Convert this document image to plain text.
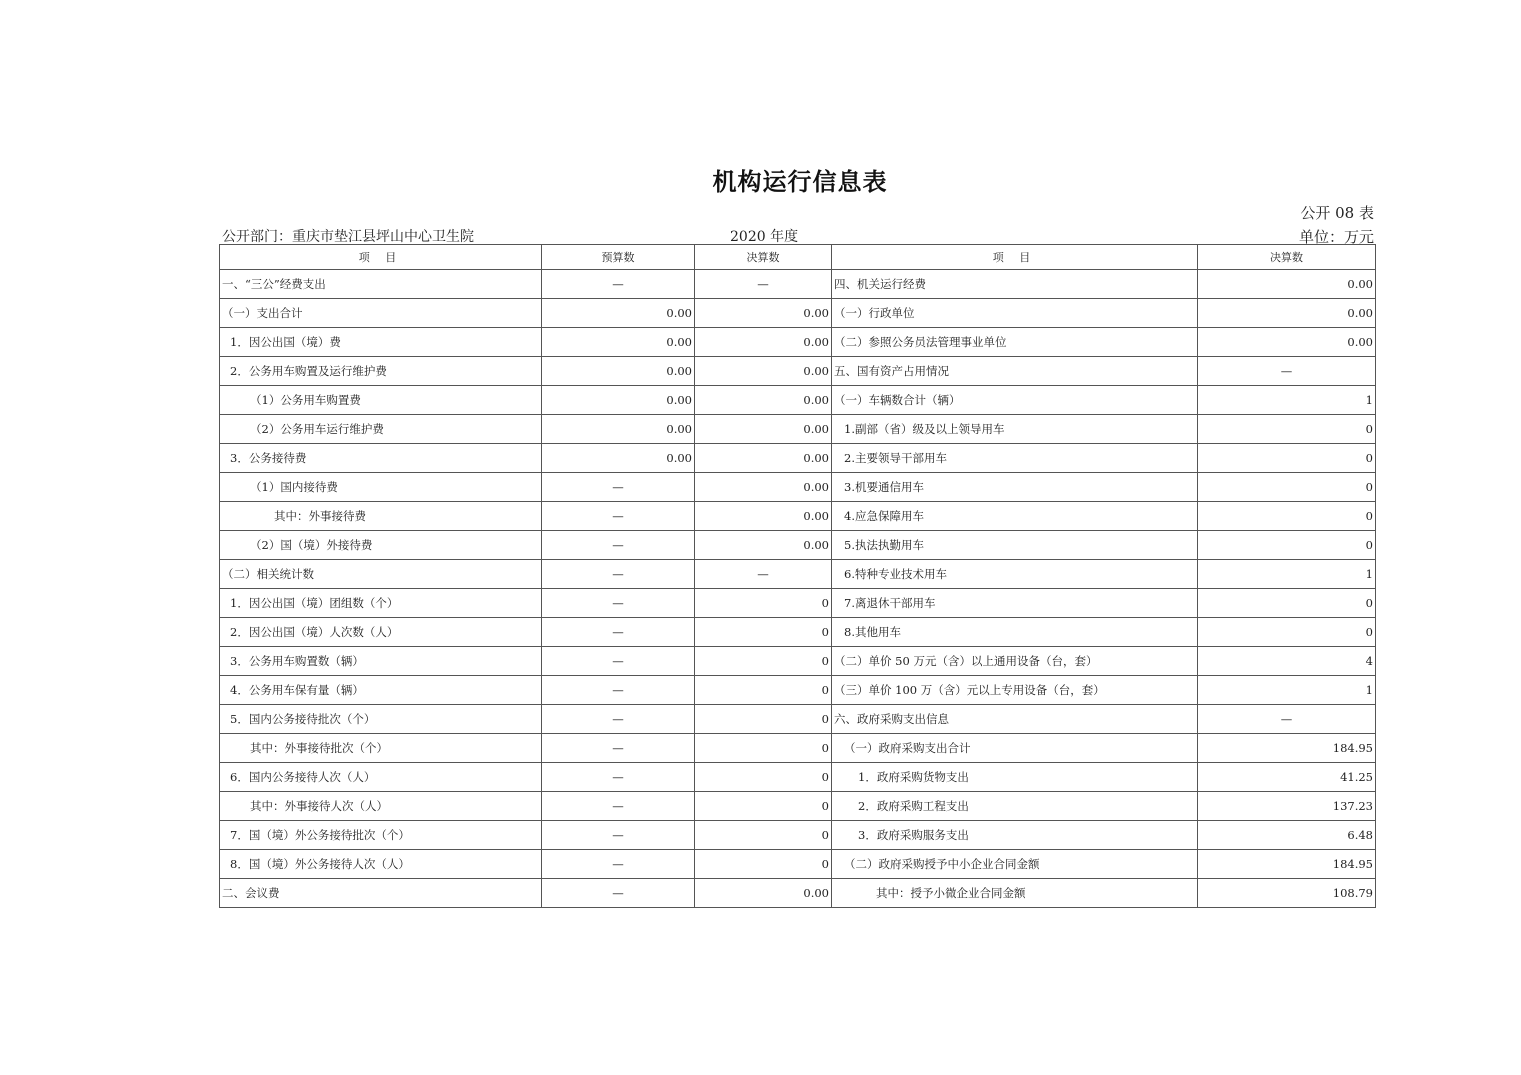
机构运行信息表
公开 08 表
公开部门：重庆市垫江县坪山中心卫生院	2020 年度	单位：万元
项 目	预算数	决算数	项 目	决算数
一、“三公”经费支出	—	—	四、机关运行经费	0.00
（一）支出合计	0.00	0.00	（一）行政单位	0.00
1．因公出国（境）费	0.00	0.00	（二）参照公务员法管理事业单位	0.00
2．公务用车购置及运行维护费	0.00	0.00	五、国有资产占用情况	—
（1）公务用车购置费	0.00	0.00	（一）车辆数合计（辆）	1
（2）公务用车运行维护费	0.00	0.00	1.副部（省）级及以上领导用车	0
3．公务接待费	0.00	0.00	2.主要领导干部用车	0
（1）国内接待费	—	0.00	3.机要通信用车	0
其中：外事接待费	—	0.00	4.应急保障用车	0
（2）国（境）外接待费	—	0.00	5.执法执勤用车	0
（二）相关统计数	—	—	6.特种专业技术用车	1
1．因公出国（境）团组数（个）	—	0	7.离退休干部用车	0
2．因公出国（境）人次数（人）	—	0	8.其他用车	0
3．公务用车购置数（辆）	—	0	（二）单价 50 万元（含）以上通用设备（台，套）	4
4．公务用车保有量（辆）	—	0	（三）单价 100 万（含）元以上专用设备（台，套）	1
5．国内公务接待批次（个）	—	0	六、政府采购支出信息	—
其中：外事接待批次（个）	—	0	（一）政府采购支出合计	184.95
6．国内公务接待人次（人）	—	0	1．政府采购货物支出	41.25
其中：外事接待人次（人）	—	0	2．政府采购工程支出	137.23
7．国（境）外公务接待批次（个）	—	0	3．政府采购服务支出	6.48
8．国（境）外公务接待人次（人）	—	0	（二）政府采购授予中小企业合同金额	184.95
二、会议费	—	0.00	其中：授予小微企业合同金额	108.79
